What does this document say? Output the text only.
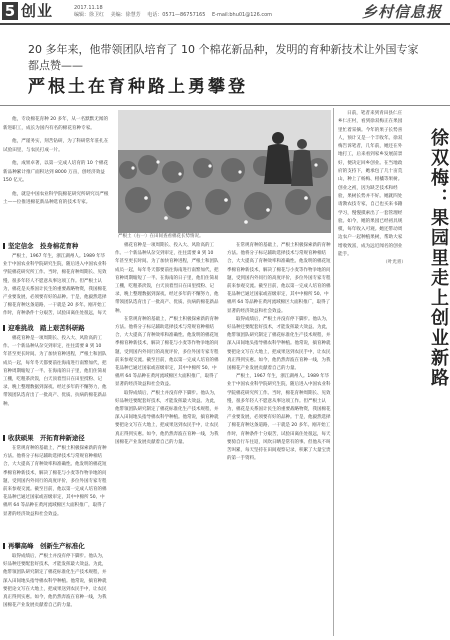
5 创业	2017.11.18
编辑：徐卫红 美编：徐慧芳 电话：0571—86757165 E-mail:bhu01@126.com	乡村信息报
20 多年来，他带领团队培育了 10 个棉花新品种，发明的育种新技术让外国专家都点赞——
严根土在育种路上勇攀登

他，专攻棉花育种 20 多年，从一名默默无闻的新进职工，成长为国内有名的棉花育种专家。

他，严谨务实，刻苦钻研，为了科研常年驻扎在试验田里，与农民打成一片。

他，成果卓著，以第一完成人培育的 10 个棉花新品种累计推广面积达到 8000 万亩，创经济效益 150 亿元。

他，就是中国农业科学院棉花研究所研究员严根土——位推进棉花新品种选育的技术专家。

严根土（右一）在田间查看棉花长势情况。

日前，笔者来到青田县仁庄乡仁庄村，看到徐双梅正在果园里忙着采摘。今年的果子长势喜人，预计又是一个丰收年。徐双梅告诉笔者，几年前，她还在外地打工，后来看到家乡发展前景好，便决定回乡创业。在当地政府的支持下，她承包了几十亩荒山，种上了杨梅、柑橘等果树。创业之初，因为缺乏技术和经验，果树长势并不好。她就四处请教农技专家，自己也买来书籍学习，慢慢摸索出了一套管理经验。如今，她的果园已经初具规模，每年收入可观。她还带动周边农户一起种植果树，帮助大家增收致富，成为远近闻名的创业能手。

（叶光青）	徐双梅：果园里走上创业新路
坚定信念　投身棉花育种

严根土，1967 年生，浙江湖州人。1989 年毕业于中国农业科学院研究生院，随后进入中国农业科学院棉花研究所工作。当时，棉花育种周期长、见效慢，很多年轻人不愿意从事这项工作。但严根土认为，棉花是关系国计民生的重要战略物资，我国棉花产业要发展，必须要有好的品种。于是，他毅然选择了棉花育种这条道路，一干就是 20 多年。刚开始工作时，育种条件十分艰苦，试验田离住处很远，每天

迎难挑战　踏上艰苦科研路

棉花育种是一项周期长、投入大、风险高的工作。一个新品种从杂交到审定，往往需要 8 到 10 年甚至更长时间。为了加快育种进程，严根土和团队成员一起，每年冬天都要前往海南进行南繁加代，把育种周期缩短了一半。在海南的日子里，他们住简易工棚，吃粗茶淡饭，白天顶着烈日在田里授粉、记录，晚上整理数据到深夜。经过多年的不懈努力，他带领团队选育出了一批高产、优质、抗病的棉花新品种。

收获硕果　开拓育种新途径

在常规育种的基础上，严根土积极探索新的育种方法。他将分子标记辅助选择技术与常规育种相结合，大大提高了育种效率和准确性。他发明的棉花短季棉育种新技术，解决了棉花与小麦等作物争地的问题，受到国内外同行的高度评价，多位外国专家专程前来参观交流。截至目前，他以第一完成人培育的棉花品种已通过国家或省级审定，其中中棉所 50、中棉所 64 等品种在黄河流域棉区大面积推广，取得了显著的经济效益和社会效益。

再攀高峰　创新生产标准化

取得成绩后，严根土并没有停下脚步。他认为，好品种还要配套好技术，才能发挥最大效益。为此，他带领团队研究制定了棉花标准化生产技术规程，并深入田间地头指导棉农科学种植。他常说，搞育种就要把论文写在大地上，把成果送到农民手中，让农民真正得到实惠。如今，他仍然奔波在育种一线，为我国棉花产业发展贡献着自己的力量。

棉花育种是一项周期长、投入大、风险高的工作。一个新品种从杂交到审定，往往需要 8 到 10 年甚至更长时间。为了加快育种进程，严根土和团队成员一起，每年冬天都要前往海南进行南繁加代，把育种周期缩短了一半。在海南的日子里，他们住简易工棚，吃粗茶淡饭，白天顶着烈日在田里授粉、记录，晚上整理数据到深夜。经过多年的不懈努力，他带领团队选育出了一批高产、优质、抗病的棉花新品种。

在常规育种的基础上，严根土积极探索新的育种方法。他将分子标记辅助选择技术与常规育种相结合，大大提高了育种效率和准确性。他发明的棉花短季棉育种新技术，解决了棉花与小麦等作物争地的问题，受到国内外同行的高度评价，多位外国专家专程前来参观交流。截至目前，他以第一完成人培育的棉花品种已通过国家或省级审定，其中中棉所 50、中棉所 64 等品种在黄河流域棉区大面积推广，取得了显著的经济效益和社会效益。

取得成绩后，严根土并没有停下脚步。他认为，好品种还要配套好技术，才能发挥最大效益。为此，他带领团队研究制定了棉花标准化生产技术规程，并深入田间地头指导棉农科学种植。他常说，搞育种就要把论文写在大地上，把成果送到农民手中，让农民真正得到实惠。如今，他仍然奔波在育种一线，为我国棉花产业发展贡献着自己的力量。

在常规育种的基础上，严根土积极探索新的育种方法。他将分子标记辅助选择技术与常规育种相结合，大大提高了育种效率和准确性。他发明的棉花短季棉育种新技术，解决了棉花与小麦等作物争地的问题，受到国内外同行的高度评价，多位外国专家专程前来参观交流。截至目前，他以第一完成人培育的棉花品种已通过国家或省级审定，其中中棉所 50、中棉所 64 等品种在黄河流域棉区大面积推广，取得了显著的经济效益和社会效益。

取得成绩后，严根土并没有停下脚步。他认为，好品种还要配套好技术，才能发挥最大效益。为此，他带领团队研究制定了棉花标准化生产技术规程，并深入田间地头指导棉农科学种植。他常说，搞育种就要把论文写在大地上，把成果送到农民手中，让农民真正得到实惠。如今，他仍然奔波在育种一线，为我国棉花产业发展贡献着自己的力量。

严根土，1967 年生，浙江湖州人。1989 年毕业于中国农业科学院研究生院，随后进入中国农业科学院棉花研究所工作。当时，棉花育种周期长、见效慢，很多年轻人不愿意从事这项工作。但严根土认为，棉花是关系国计民生的重要战略物资，我国棉花产业要发展，必须要有好的品种。于是，他毅然选择了棉花育种这条道路，一干就是 20 多年。刚开始工作时，育种条件十分艰苦，试验田离住处很远，每天要骑自行车往返，风吹日晒是常有的事。但他从不叫苦叫累，每天坚持在田间观察记录，积累了大量宝贵的第一手资料。
